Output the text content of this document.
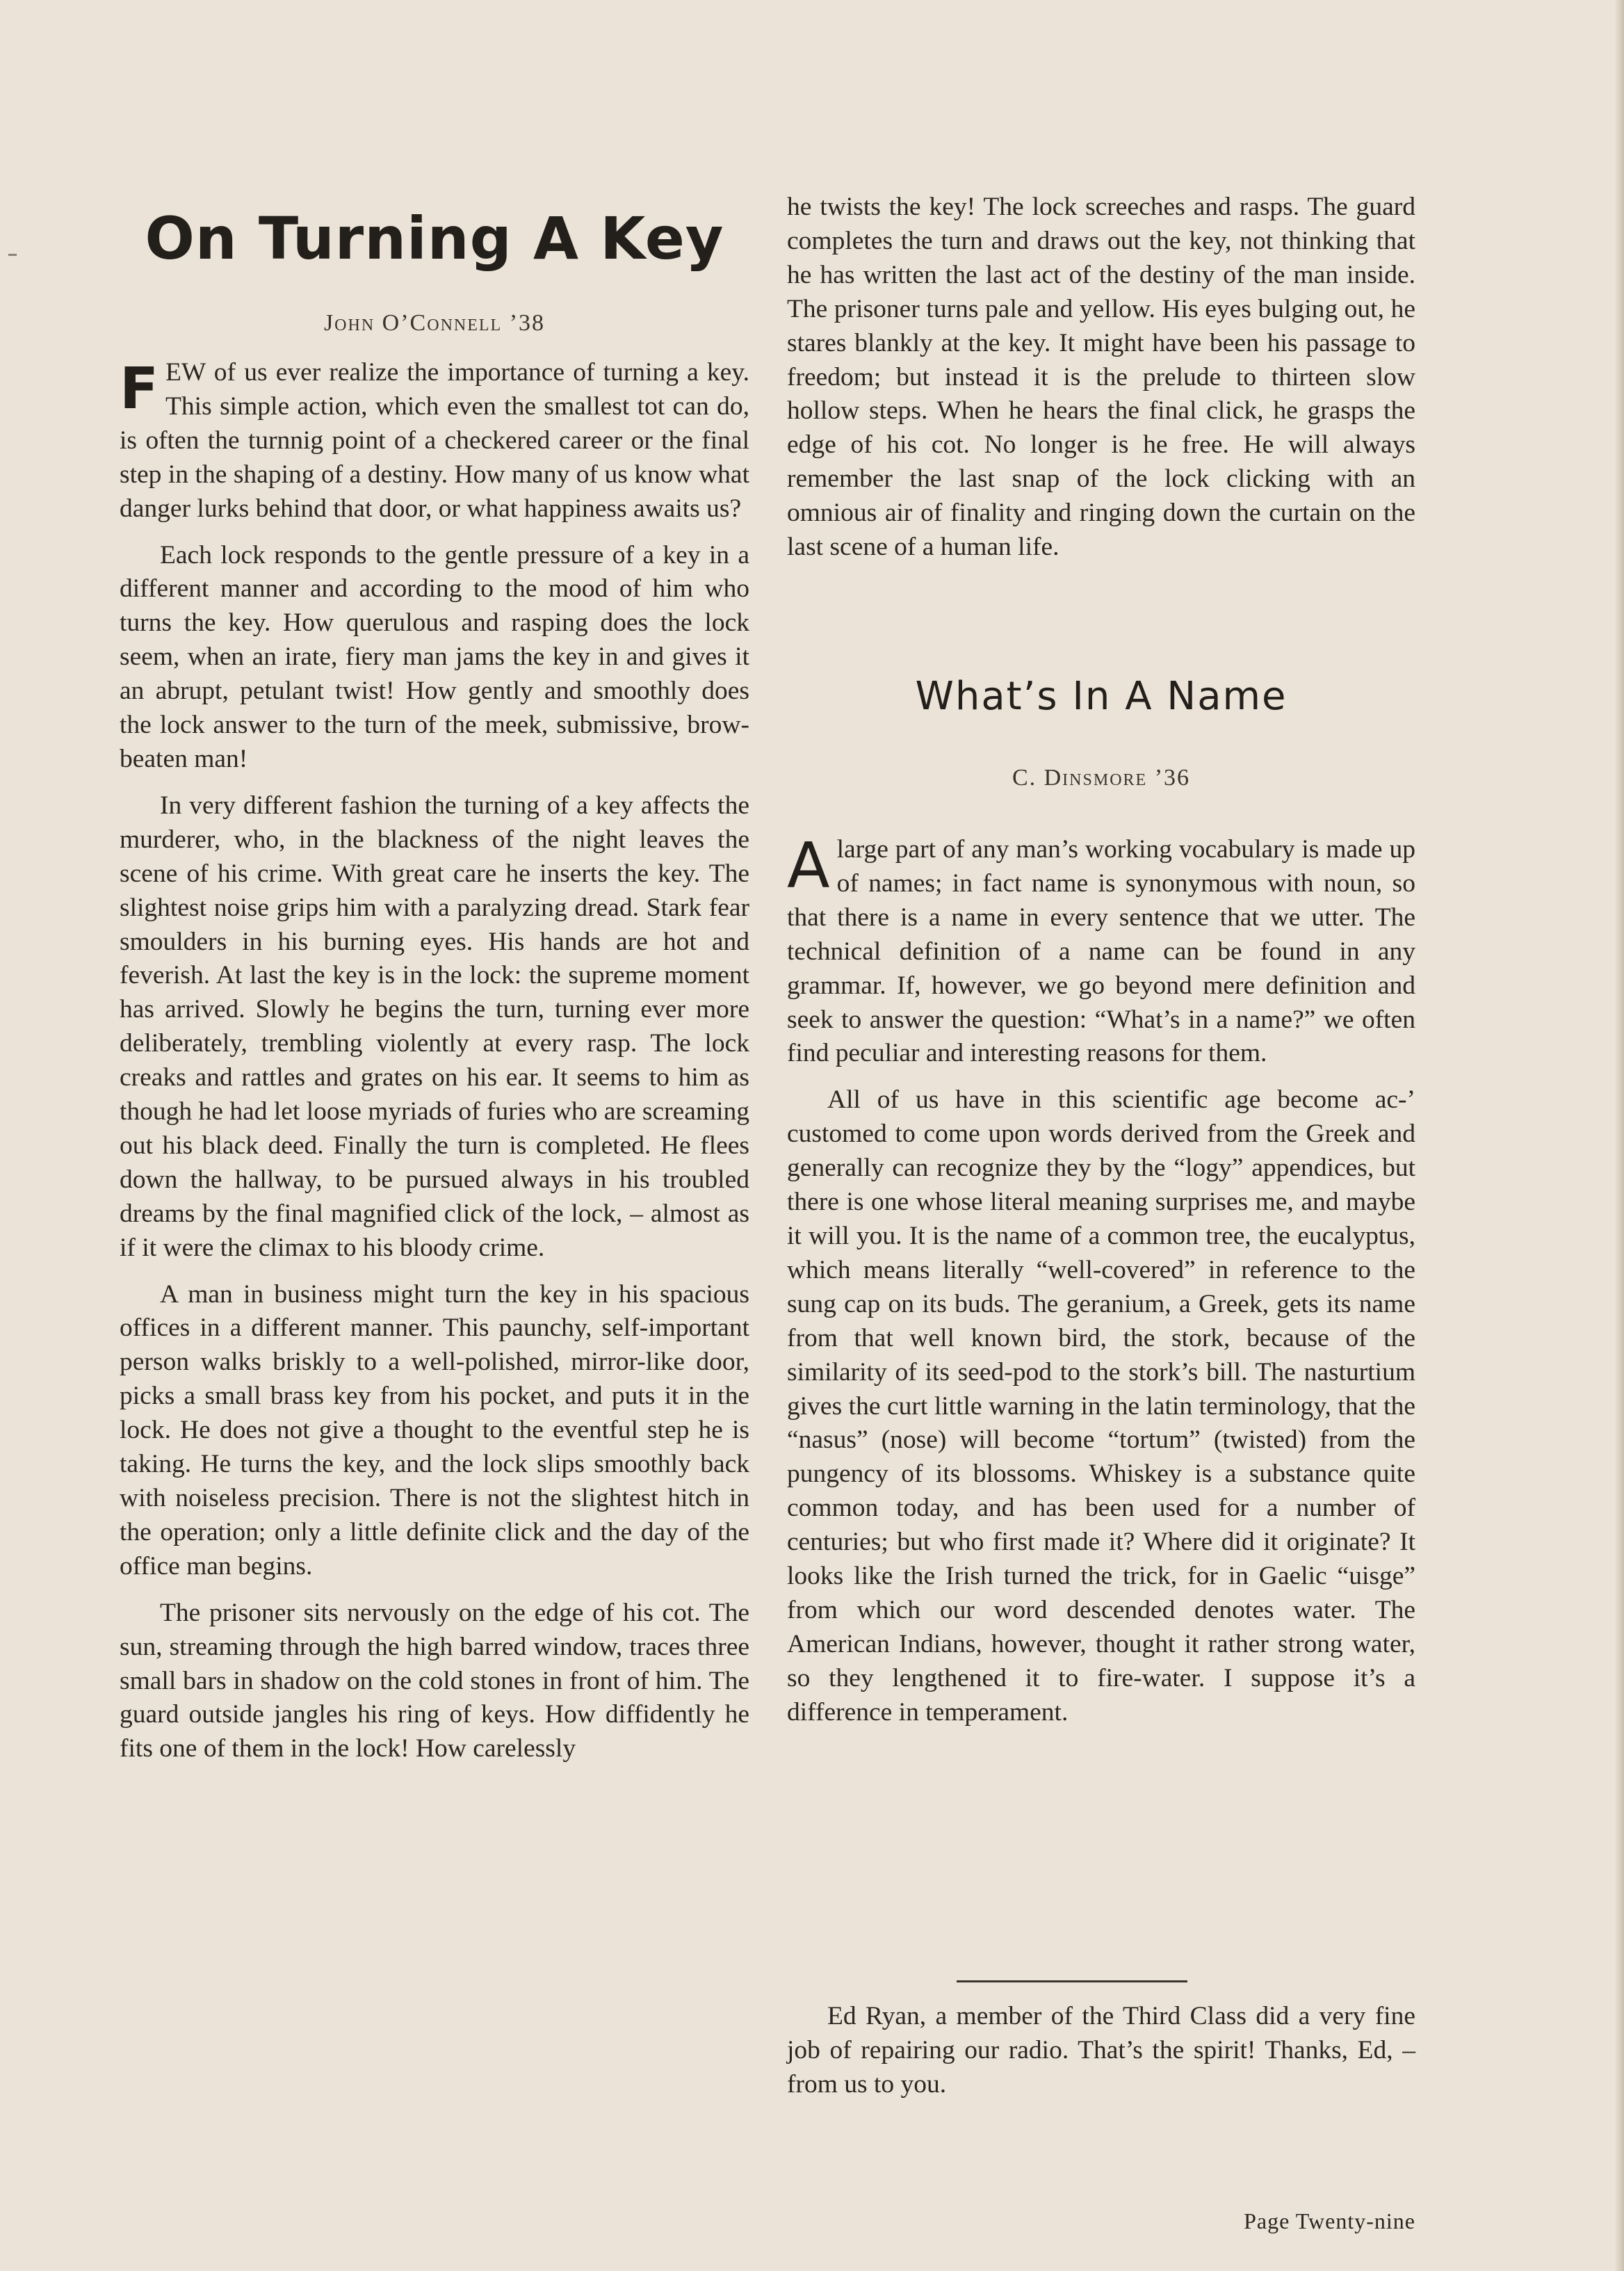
On Turning A Key
John O’Connell ’38

FEW of us ever realize the importance of turning a key. This simple action, which even the smallest tot can do, is often the turnnig point of a checkered career or the final step in the shaping of a destiny. How many of us know what danger lurks behind that door, or what happiness awaits us?

Each lock responds to the gentle pressure of a key in a different manner and according to the mood of him who turns the key. How querulous and rasping does the lock seem, when an irate, fiery man jams the key in and gives it an abrupt, petulant twist! How gently and smoothly does the lock answer to the turn of the meek, submissive, brow-beaten man!

In very different fashion the turning of a key affects the murderer, who, in the blackness of the night leaves the scene of his crime. With great care he inserts the key. The slightest noise grips him with a paralyzing dread. Stark fear smoulders in his burning eyes. His hands are hot and feverish. At last the key is in the lock: the supreme moment has arrived. Slowly he begins the turn, turning ever more deliberately, trembling violently at every rasp. The lock creaks and rattles and grates on his ear. It seems to him as though he had let loose myriads of furies who are screaming out his black deed. Finally the turn is completed. He flees down the hallway, to be pursued always in his troubled dreams by the final magnified click of the lock, – almost as if it were the climax to his bloody crime.

A man in business might turn the key in his spacious offices in a different manner. This paunchy, self-important person walks briskly to a well-polished, mirror-like door, picks a small brass key from his pocket, and puts it in the lock. He does not give a thought to the eventful step he is taking. He turns the key, and the lock slips smoothly back with noiseless precision. There is not the slightest hitch in the operation; only a little definite click and the day of the office man begins.

The prisoner sits nervously on the edge of his cot. The sun, streaming through the high barred window, traces three small bars in shadow on the cold stones in front of him. The guard outside jangles his ring of keys. How diffidently he fits one of them in the lock! How carelessly

he twists the key! The lock screeches and rasps. The guard completes the turn and draws out the key, not thinking that he has written the last act of the destiny of the man inside. The prisoner turns pale and yellow. His eyes bulging out, he stares blankly at the key. It might have been his passage to freedom; but instead it is the prelude to thirteen slow hollow steps. When he hears the final click, he grasps the edge of his cot. No longer is he free. He will always remember the last snap of the lock clicking with an omnious air of finality and ringing down the curtain on the last scene of a human life.

What’s In A Name
C. Dinsmore ’36

A large part of any man’s working vocabulary is made up of names; in fact name is synonymous with noun, so that there is a name in every sentence that we utter. The technical definition of a name can be found in any grammar. If, however, we go beyond mere definition and seek to answer the question: “What’s in a name?” we often find peculiar and interesting reasons for them.

All of us have in this scientific age become ac-’ customed to come upon words derived from the Greek and generally can recognize they by the “logy” appendices, but there is one whose literal meaning surprises me, and maybe it will you. It is the name of a common tree, the eucalyptus, which means literally “well-covered” in reference to the sung cap on its buds. The geranium, a Greek, gets its name from that well known bird, the stork, because of the similarity of its seed-pod to the stork’s bill. The nasturtium gives the curt little warning in the latin terminology, that the “nasus” (nose) will become “tortum” (twisted) from the pungency of its blossoms. Whiskey is a substance quite common today, and has been used for a number of centuries; but who first made it? Where did it originate? It looks like the Irish turned the trick, for in Gaelic “uisge” from which our word descended denotes water. The American Indians, however, thought it rather strong water, so they lengthened it to fire-water. I suppose it’s a difference in temperament.

Ed Ryan, a member of the Third Class did a very fine job of repairing our radio. That’s the spirit! Thanks, Ed, – from us to you.

Page Twenty-nine
